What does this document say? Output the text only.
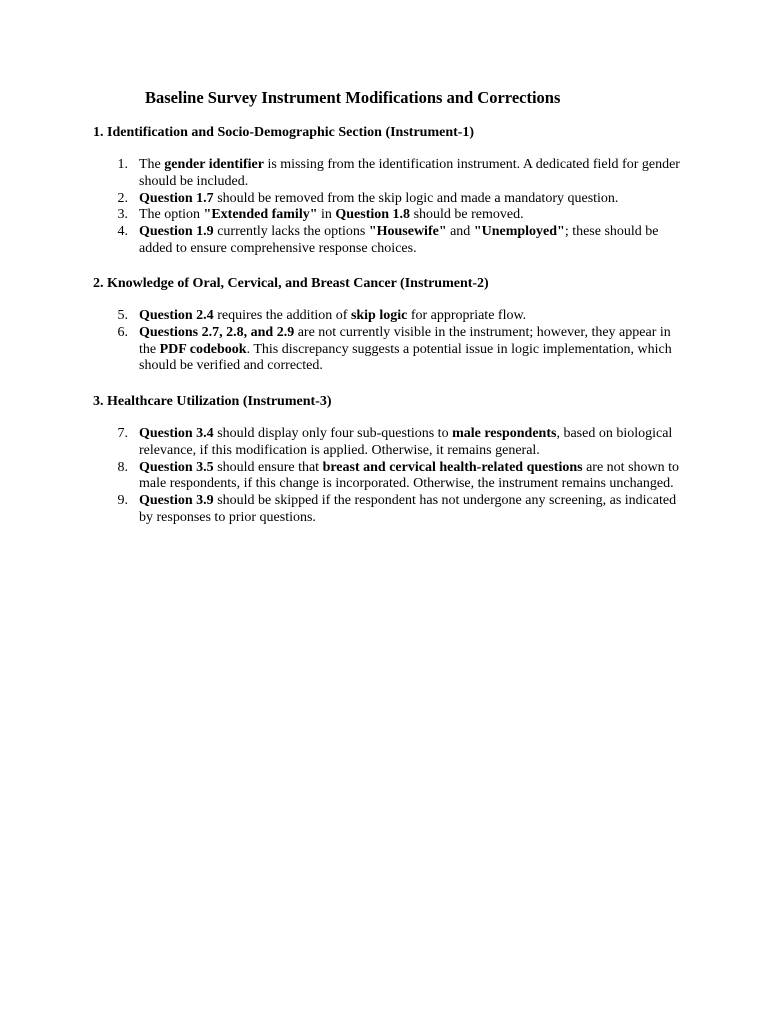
Baseline Survey Instrument Modifications and Corrections
1. Identification and Socio-Demographic Section (Instrument-1)
1. The gender identifier is missing from the identification instrument. A dedicated field for gender should be included.
2. Question 1.7 should be removed from the skip logic and made a mandatory question.
3. The option "Extended family" in Question 1.8 should be removed.
4. Question 1.9 currently lacks the options "Housewife" and "Unemployed"; these should be added to ensure comprehensive response choices.
2. Knowledge of Oral, Cervical, and Breast Cancer (Instrument-2)
5. Question 2.4 requires the addition of skip logic for appropriate flow.
6. Questions 2.7, 2.8, and 2.9 are not currently visible in the instrument; however, they appear in the PDF codebook. This discrepancy suggests a potential issue in logic implementation, which should be verified and corrected.
3. Healthcare Utilization (Instrument-3)
7. Question 3.4 should display only four sub-questions to male respondents, based on biological relevance, if this modification is applied. Otherwise, it remains general.
8. Question 3.5 should ensure that breast and cervical health-related questions are not shown to male respondents, if this change is incorporated. Otherwise, the instrument remains unchanged.
9. Question 3.9 should be skipped if the respondent has not undergone any screening, as indicated by responses to prior questions.
